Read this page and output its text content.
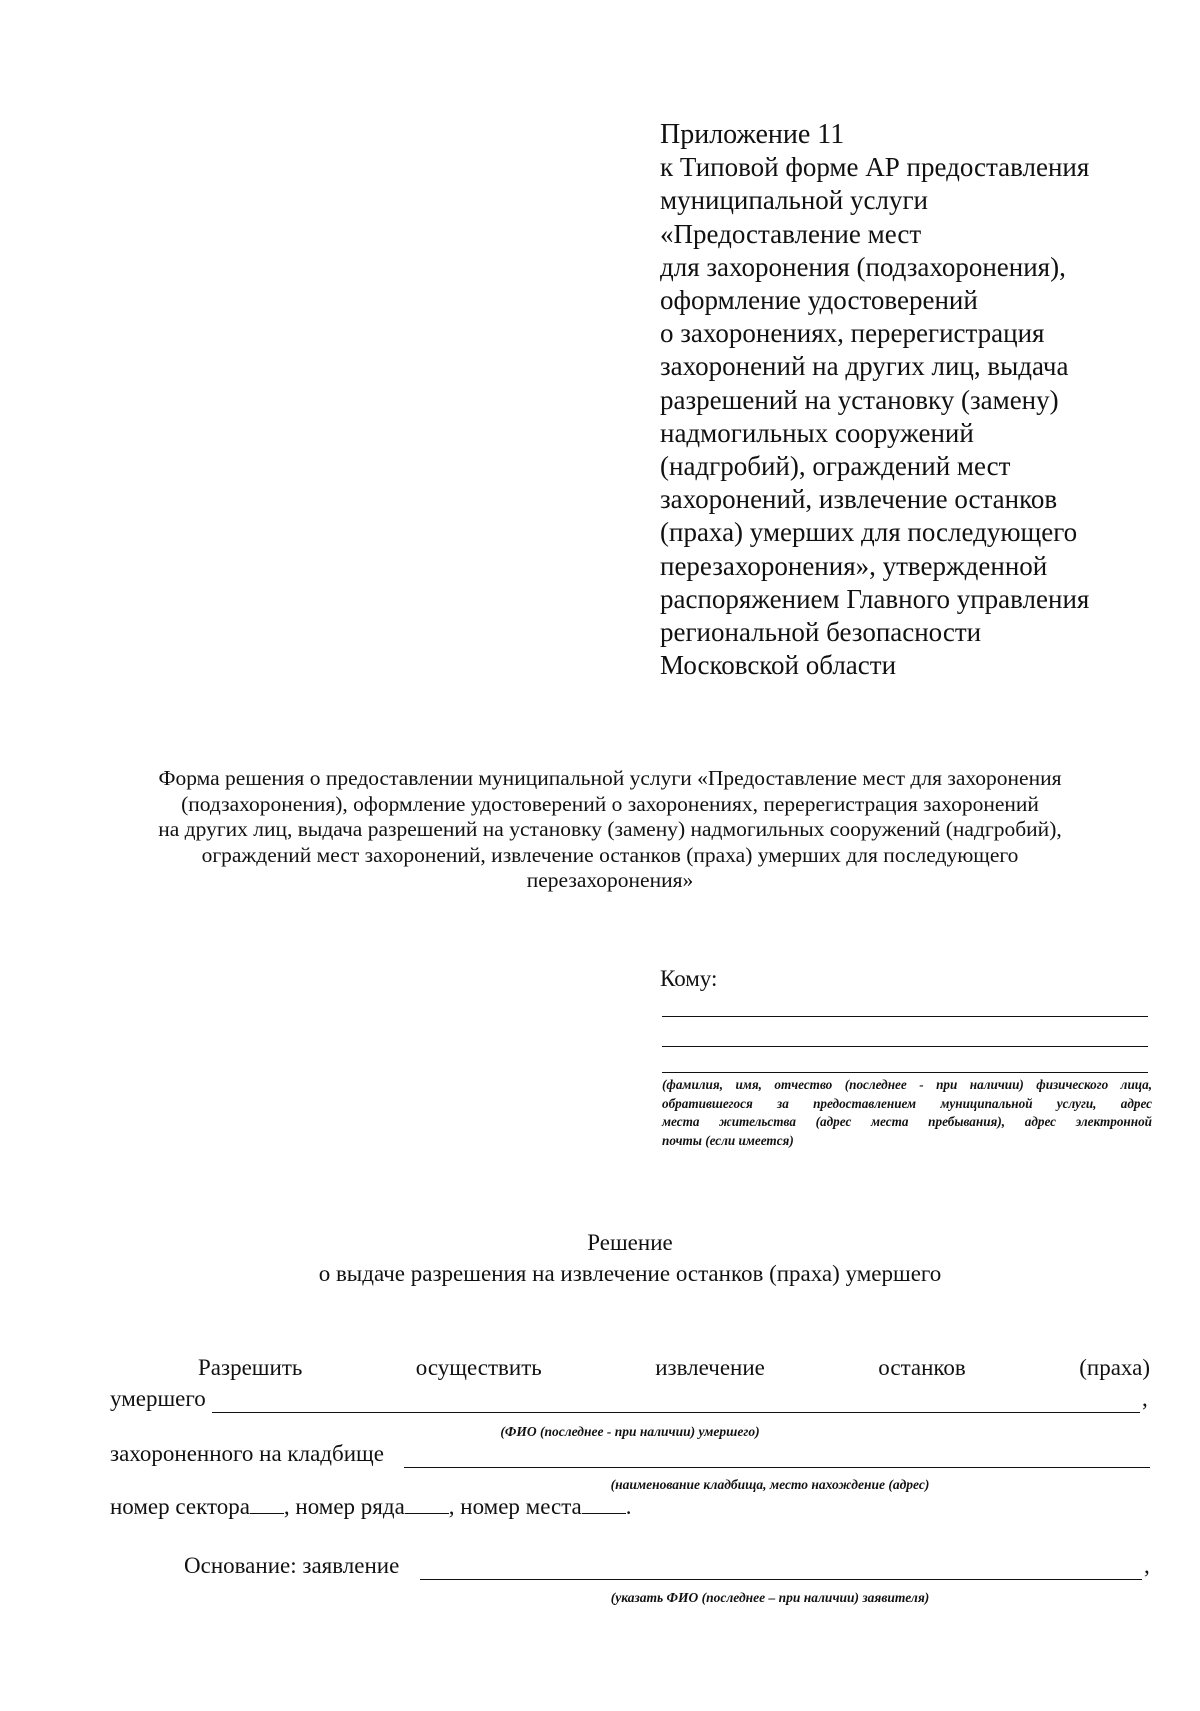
Приложение 11
к Типовой форме АР предоставления
муниципальной услуги
«Предоставление мест
для захоронения (подзахоронения),
оформление удостоверений
о захоронениях, перерегистрация
захоронений на других лиц, выдача
разрешений на установку (замену)
надмогильных сооружений
(надгробий), ограждений мест
захоронений, извлечение останков
(праха) умерших для последующего
перезахоронения», утвержденной
распоряжением Главного управления
региональной безопасности
Московской области
Форма решения о предоставлении муниципальной услуги «Предоставление мест для захоронения
(подзахоронения), оформление удостоверений о захоронениях, перерегистрация захоронений
на других лиц, выдача разрешений на установку (замену) надмогильных сооружений (надгробий),
ограждений мест захоронений, извлечение останков (праха) умерших для последующего
перезахоронения»
Кому:
(фамилия, имя, отчество (последнее - при наличии) физического лица,
обратившегося за предоставлением муниципальной услуги, адрес
места жительства (адрес места пребывания), адрес электронной
почты (если имеется)
Решение
о выдаче разрешения на извлечение останков (праха) умершего
Разрешить	осуществить	извлечение	останков	(праха)
умершего	,
(ФИО (последнее - при наличии) умершего)
захороненного на кладбище
(наименование кладбища, место нахождение (адрес)
номер сектора , номер ряда , номер места .
Основание: заявление	,
(указать ФИО (последнее – при наличии) заявителя)
